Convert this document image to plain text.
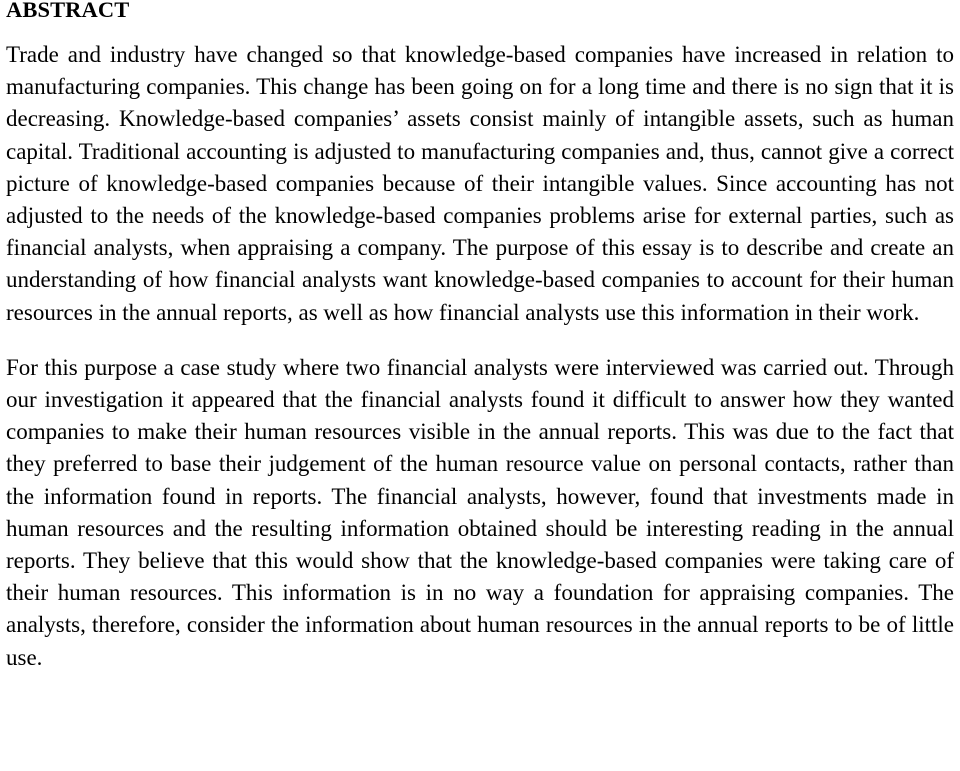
ABSTRACT

Trade and industry have changed so that knowledge-based companies have increased in relation to manufacturing companies. This change has been going on for a long time and there is no sign that it is decreasing. Knowledge-based companies’ assets consist mainly of intangible assets, such as human capital. Traditional accounting is adjusted to manufacturing companies and, thus, cannot give a correct picture of knowledge-based companies because of their intangible values. Since accounting has not adjusted to the needs of the knowledge-based companies problems arise for external parties, such as financial analysts, when appraising a company. The purpose of this essay is to describe and create an understanding of how financial analysts want knowledge-based companies to account for their human resources in the annual reports, as well as how financial analysts use this information in their work.

For this purpose a case study where two financial analysts were interviewed was carried out. Through our investigation it appeared that the financial analysts found it difficult to answer how they wanted companies to make their human resources visible in the annual reports. This was due to the fact that they preferred to base their judgement of the human resource value on personal contacts, rather than the information found in reports. The financial analysts, however, found that investments made in human resources and the resulting information obtained should be interesting reading in the annual reports. They believe that this would show that the knowledge-based companies were taking care of their human resources. This information is in no way a foundation for appraising companies. The analysts, therefore, consider the information about human resources in the annual reports to be of little use.
